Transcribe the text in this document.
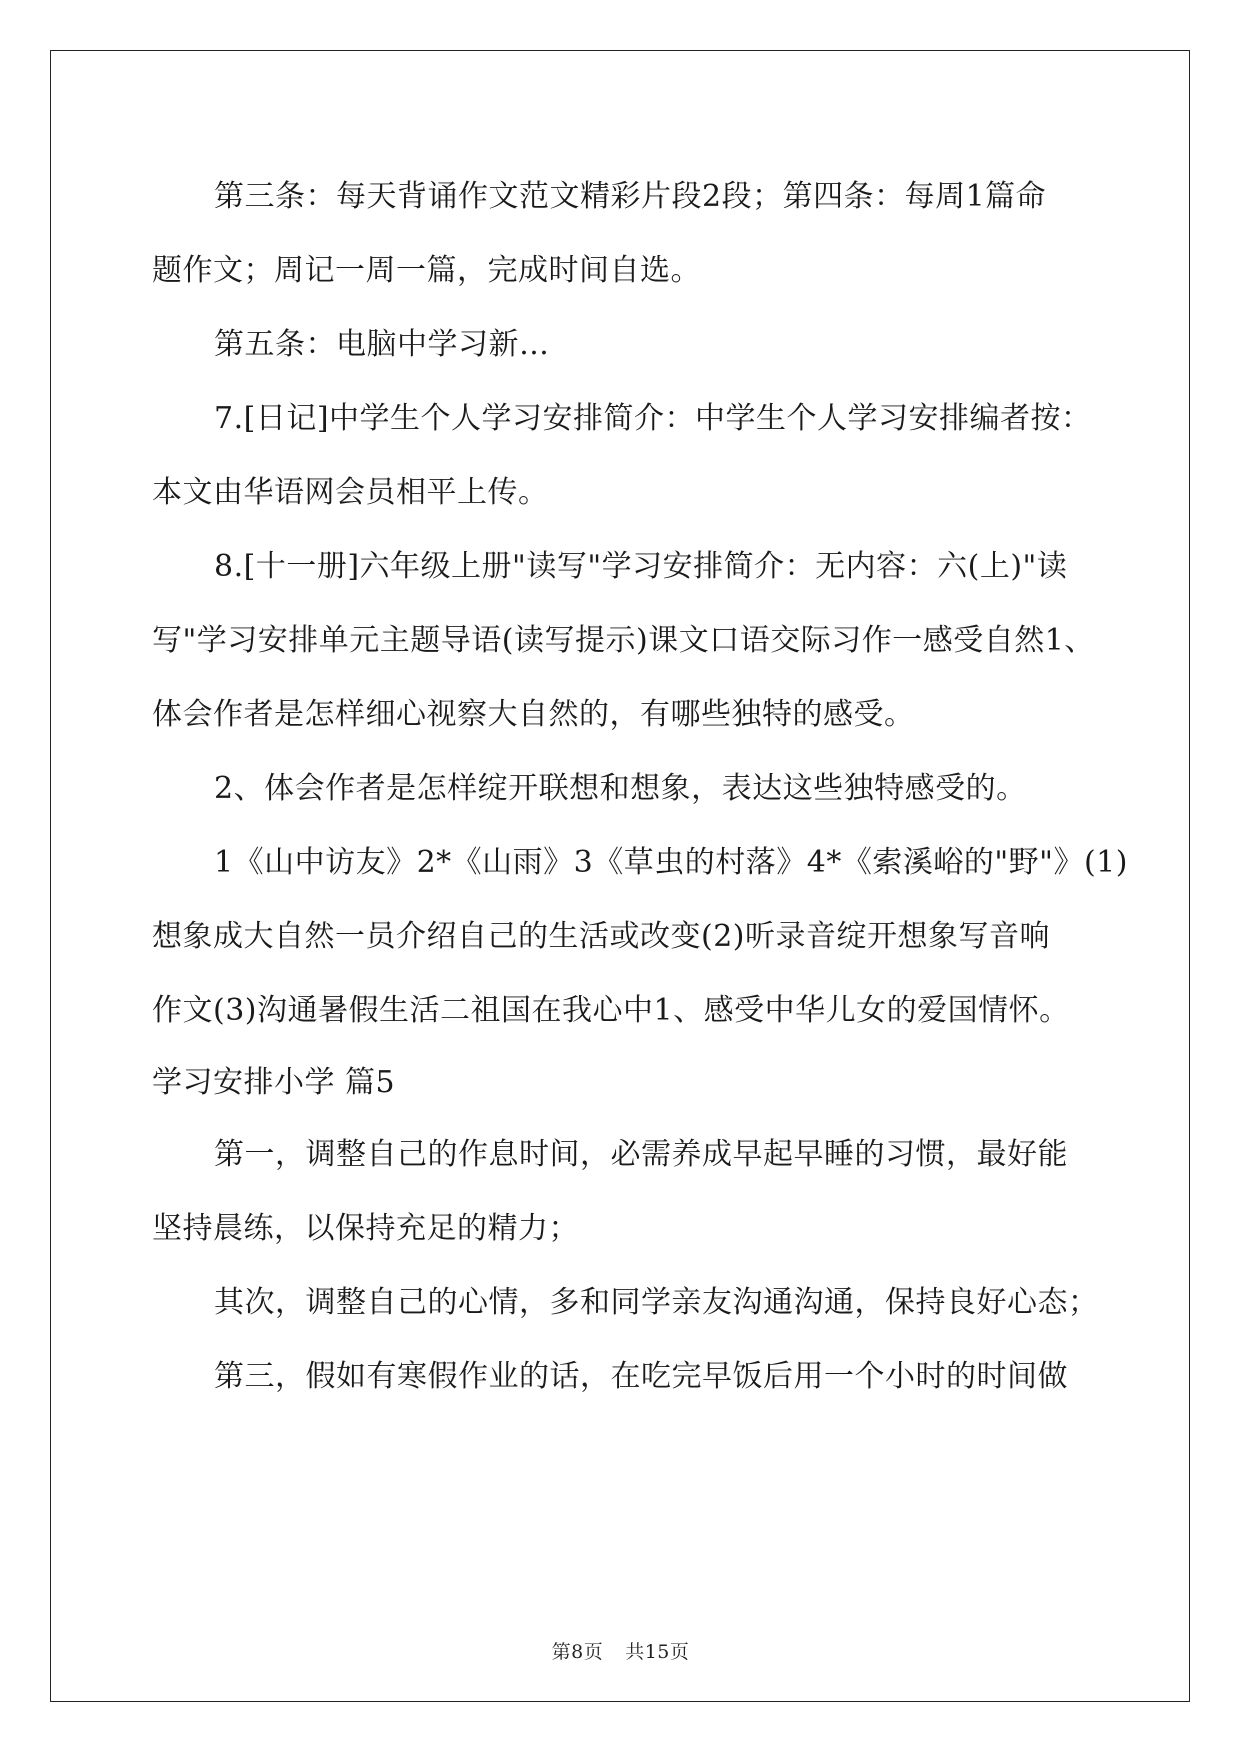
第三条：每天背诵作文范文精彩片段2段；第四条：每周1篇命
题作文；周记一周一篇，完成时间自选。
第五条：电脑中学习新…
7.[日记]中学生个人学习安排简介：中学生个人学习安排编者按：
本文由华语网会员相平上传。
8.[十一册]六年级上册"读写"学习安排简介：无内容：六(上)"读
写"学习安排单元主题导语(读写提示)课文口语交际习作一感受自然1、
体会作者是怎样细心视察大自然的，有哪些独特的感受。
2、体会作者是怎样绽开联想和想象，表达这些独特感受的。
1《山中访友》2*《山雨》3《草虫的村落》4*《索溪峪的"野"》(1)
想象成大自然一员介绍自己的生活或改变(2)听录音绽开想象写音响
作文(3)沟通暑假生活二祖国在我心中1、感受中华儿女的爱国情怀。
学习安排小学 篇5
第一，调整自己的作息时间，必需养成早起早睡的习惯，最好能
坚持晨练，以保持充足的精力；
其次，调整自己的心情，多和同学亲友沟通沟通，保持良好心态；
第三，假如有寒假作业的话，在吃完早饭后用一个小时的时间做
第8页 共15页
